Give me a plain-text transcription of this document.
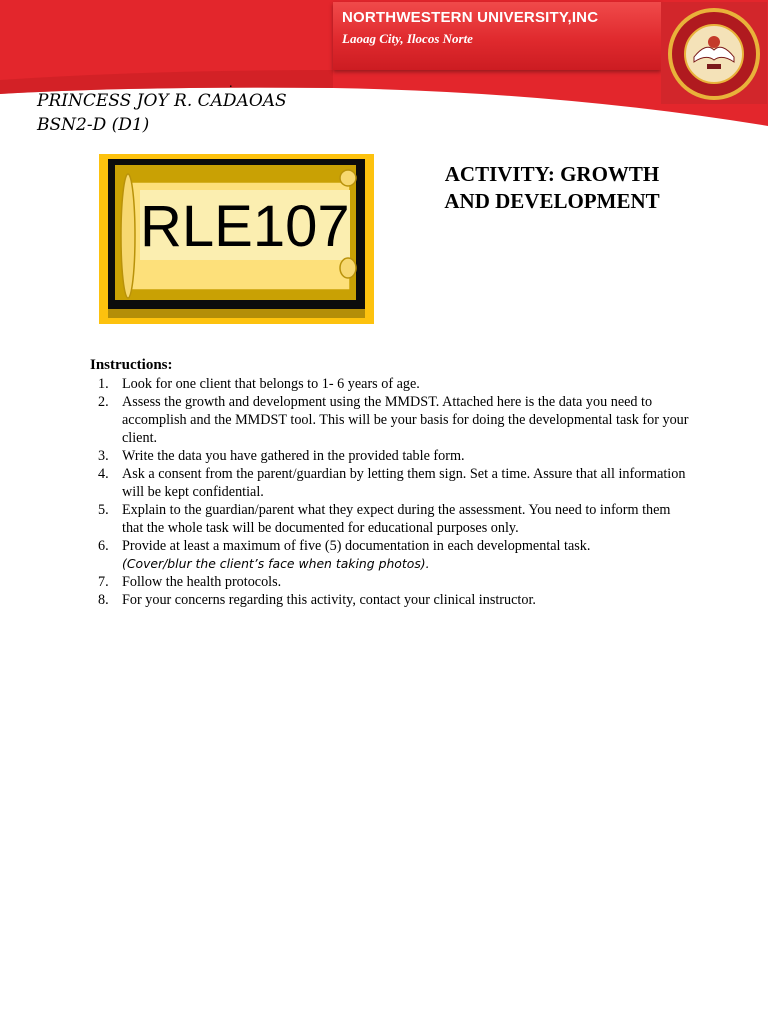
NORTHWESTERN UNIVERSITY,INC
Laoag City, Ilocos Norte
.
PRINCESS JOY R. CADAOAS
BSN2-D (D1)
RLE107
ACTIVITY: GROWTH
AND DEVELOPMENT
Instructions:
1. Look for one client that belongs to 1- 6 years of age.
2. Assess the growth and development using the MMDST. Attached here is the data you need to accomplish and the MMDST tool. This will be your basis for doing the developmental task for your client.
3. Write the data you have gathered in the provided table form.
4. Ask a consent from the parent/guardian by letting them sign. Set a time. Assure that all information will be kept confidential.
5. Explain to the guardian/parent what they expect during the assessment. You need to inform them that the whole task will be documented for educational purposes only.
6. Provide at least a maximum of five (5) documentation in each developmental task.
(Cover/blur the client’s face when taking photos).
7. Follow the health protocols.
8. For your concerns regarding this activity, contact your clinical instructor.
